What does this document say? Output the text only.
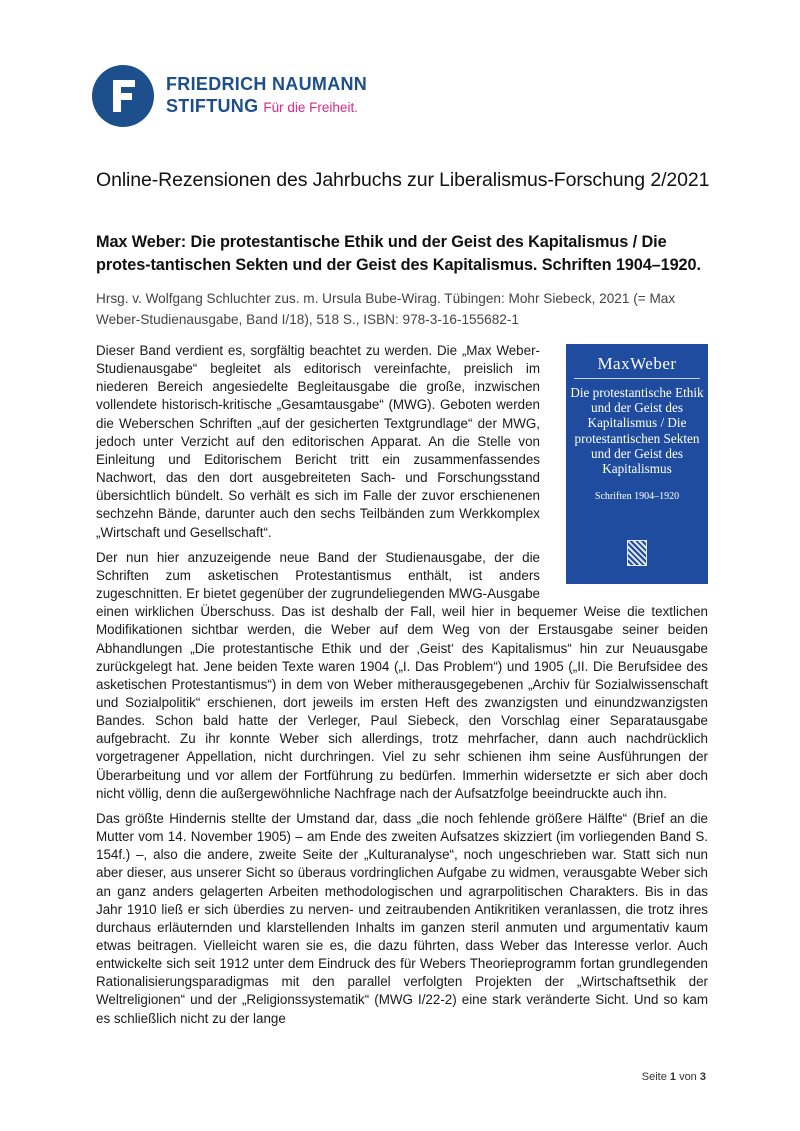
FRIEDRICH NAUMANN
STIFTUNG Für die Freiheit.
Online-Rezensionen des Jahrbuchs zur Liberalismus-Forschung 2/2021
Max Weber: Die protestantische Ethik und der Geist des Kapitalismus / Die protes-tantischen Sekten und der Geist des Kapitalismus. Schriften 1904–1920.

Hrsg. v. Wolfgang Schluchter zus. m. Ursula Bube-Wirag. Tübingen: Mohr Siebeck, 2021 (= Max Weber-Studienausgabe, Band I/18), 518 S., ISBN: 978-3-16-155682-1

MaxWeber
Die protestantische Ethik und der Geist des Kapitalismus / Die protestantischen Sekten und der Geist des Kapitalismus
Schriften 1904–1920

Dieser Band verdient es, sorgfältig beachtet zu werden. Die „Max Weber-Studienausgabe“ begleitet als editorisch vereinfachte, preislich im niederen Bereich angesiedelte Begleitausgabe die große, inzwischen vollendete historisch-kritische „Gesamtausgabe“ (MWG). Geboten werden die Weberschen Schriften „auf der gesicherten Textgrundlage“ der MWG, jedoch unter Verzicht auf den editorischen Apparat. An die Stelle von Einleitung und Editorischem Bericht tritt ein zusammenfassendes Nachwort, das den dort ausgebreiteten Sach- und Forschungsstand übersichtlich bündelt. So verhält es sich im Falle der zuvor erschienenen sechzehn Bände, darunter auch den sechs Teilbänden zum Werkkomplex „Wirtschaft und Gesellschaft“.

Der nun hier anzuzeigende neue Band der Studienausgabe, der die Schriften zum asketischen Protestantismus enthält, ist anders zugeschnitten. Er bietet gegenüber der zugrundeliegenden MWG-Ausgabe einen wirklichen Überschuss. Das ist deshalb der Fall, weil hier in bequemer Weise die textlichen Modifikationen sichtbar werden, die Weber auf dem Weg von der Erstausgabe seiner beiden Abhandlungen „Die protestantische Ethik und der ‚Geist‘ des Kapitalismus“ hin zur Neuausgabe zurückgelegt hat. Jene beiden Texte waren 1904 („I. Das Problem“) und 1905 („II. Die Berufsidee des asketischen Protestantismus“) in dem von Weber mitherausgegebenen „Archiv für Sozialwissenschaft und Sozialpolitik“ erschienen, dort jeweils im ersten Heft des zwanzigsten und einundzwanzigsten Bandes. Schon bald hatte der Verleger, Paul Siebeck, den Vorschlag einer Separatausgabe aufgebracht. Zu ihr konnte Weber sich allerdings, trotz mehrfacher, dann auch nachdrücklich vorgetragener Appellation, nicht durchringen. Viel zu sehr schienen ihm seine Ausführungen der Überarbeitung und vor allem der Fortführung zu bedürfen. Immerhin widersetzte er sich aber doch nicht völlig, denn die außergewöhnliche Nachfrage nach der Aufsatzfolge beeindruckte auch ihn.

Das größte Hindernis stellte der Umstand dar, dass „die noch fehlende größere Hälfte“ (Brief an die Mutter vom 14. November 1905) – am Ende des zweiten Aufsatzes skizziert (im vorliegenden Band S. 154f.) –, also die andere, zweite Seite der „Kulturanalyse“, noch ungeschrieben war. Statt sich nun aber dieser, aus unserer Sicht so überaus vordringlichen Aufgabe zu widmen, verausgabte Weber sich an ganz anders gelagerten Arbeiten methodologischen und agrarpolitischen Charakters. Bis in das Jahr 1910 ließ er sich überdies zu nerven- und zeitraubenden Antikritiken veranlassen, die trotz ihres durchaus erläuternden und klarstellenden Inhalts im ganzen steril anmuten und argumentativ kaum etwas beitragen. Vielleicht waren sie es, die dazu führten, dass Weber das Interesse verlor. Auch entwickelte sich seit 1912 unter dem Eindruck des für Webers Theorieprogramm fortan grundlegenden Rationalisierungsparadigmas mit den parallel verfolgten Projekten der „Wirtschaftsethik der Weltreligionen“ und der „Religionssystematik“ (MWG I/22-2) eine stark veränderte Sicht. Und so kam es schließlich nicht zu der lange

Seite 1 von 3
